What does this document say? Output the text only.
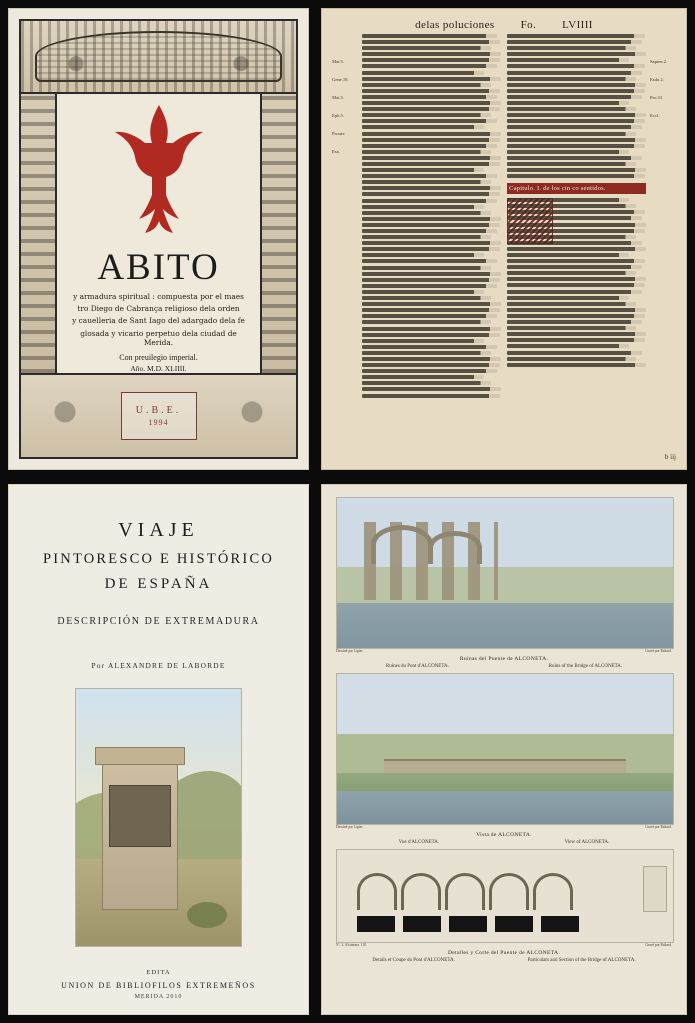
ABITO
y armadura spiritual : compuesta por el maes
tro Diego de Cabrança religioso dela orden
y cauelleria de Sant Iago del adargado dela fe
glosada y vicario perpetuo dela ciudad de Merida.
Con preuilegio imperial.
Año. M.D. XLIIII.
U.B.E.
1994
delas poluciones Fo. LVIIII
Mat.5.
Gene.19.
Mat.5.
Eph.5.
Prouer.
Esa.
Capitulo. I. de los cin co sentidos.
Sapien.2.
Esdo.2.
Pro.31.
Eccl.
b iij
VIAJE
PINTORESCO E HISTÓRICO
DE ESPAÑA
DESCRIPCIÓN DE EXTREMADURA
Por ALEXANDRE DE LABORDE
EDITA
UNION DE BIBLIOFILOS EXTREMEÑOS
MERIDA 2010
Dessiné par Ligier.	Gravé par Baltard.
Ruinas del Puente de ALCONETA.
Ruines du Pont d'ALCONETA.	Ruins of the Bridge of ALCONETA.
Dessiné par Ligier.	Gravé par Baltard.
Vista de ALCONETA.
Vue d'ALCONETA.	View of ALCONETA.
N.º 2. Alcántara. 110.	Gravé par Baltard.
Detalles y Corte del Puente de ALCONETA.
Details et Coupe du Pont d'ALCONETA.	Particulars and Section of the Bridge of ALCONETA.
